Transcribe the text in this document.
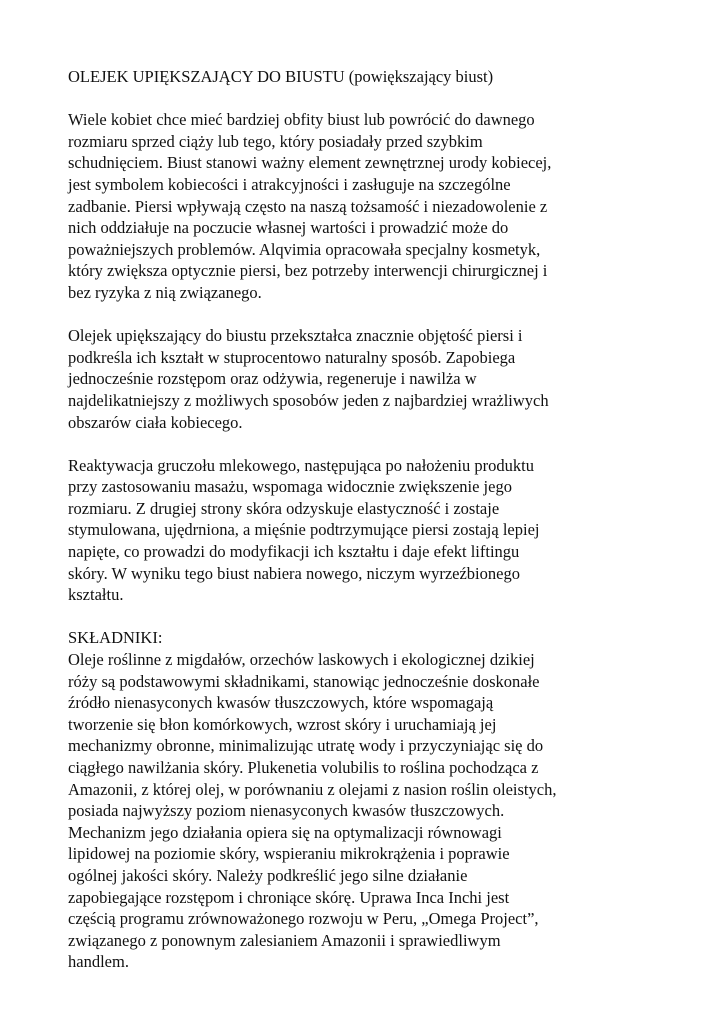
OLEJEK UPIĘKSZAJĄCY DO BIUSTU (powiększający biust)
Wiele kobiet chce mieć bardziej obfity biust lub powrócić do dawnego
rozmiaru sprzed ciąży lub tego, który posiadały przed szybkim
schudnięciem. Biust stanowi ważny element zewnętrznej urody kobiecej,
jest symbolem kobiecości i atrakcyjności i zasługuje na szczególne
zadbanie. Piersi wpływają często na naszą tożsamość i niezadowolenie z
nich oddziałuje na poczucie własnej wartości i prowadzić może do
poważniejszych problemów. Alqvimia opracowała specjalny kosmetyk,
który zwiększa optycznie piersi, bez potrzeby interwencji chirurgicznej i
bez ryzyka z nią związanego.
Olejek upiększający do biustu przekształca znacznie objętość piersi i
podkreśla ich kształt w stuprocentowo naturalny sposób. Zapobiega
jednocześnie rozstępom oraz odżywia, regeneruje i nawilża w
najdelikatniejszy z możliwych sposobów jeden z najbardziej wrażliwych
obszarów ciała kobiecego.
Reaktywacja gruczołu mlekowego, następująca po nałożeniu produktu
przy zastosowaniu masażu, wspomaga widocznie zwiększenie jego
rozmiaru. Z drugiej strony skóra odzyskuje elastyczność i zostaje
stymulowana, ujędrniona, a mięśnie podtrzymujące piersi zostają lepiej
napięte, co prowadzi do modyfikacji ich kształtu i daje efekt liftingu
skóry. W wyniku tego biust nabiera nowego, niczym wyrzeźbionego
kształtu.
SKŁADNIKI:
Oleje roślinne z migdałów, orzechów laskowych i ekologicznej dzikiej
róży są podstawowymi składnikami, stanowiąc jednocześnie doskonałe
źródło nienasyconych kwasów tłuszczowych, które wspomagają
tworzenie się błon komórkowych, wzrost skóry i uruchamiają jej
mechanizmy obronne, minimalizując utratę wody i przyczyniając się do
ciągłego nawilżania skóry. Plukenetia volubilis to roślina pochodząca z
Amazonii, z której olej, w porównaniu z olejami z nasion roślin oleistych,
posiada najwyższy poziom nienasyconych kwasów tłuszczowych.
Mechanizm jego działania opiera się na optymalizacji równowagi
lipidowej na poziomie skóry, wspieraniu mikrokrążenia i poprawie
ogólnej jakości skóry. Należy podkreślić jego silne działanie
zapobiegające rozstępom i chroniące skórę. Uprawa Inca Inchi jest
częścią programu zrównoważonego rozwoju w Peru, „Omega Project”,
związanego z ponownym zalesianiem Amazonii i sprawiedliwym
handlem.
